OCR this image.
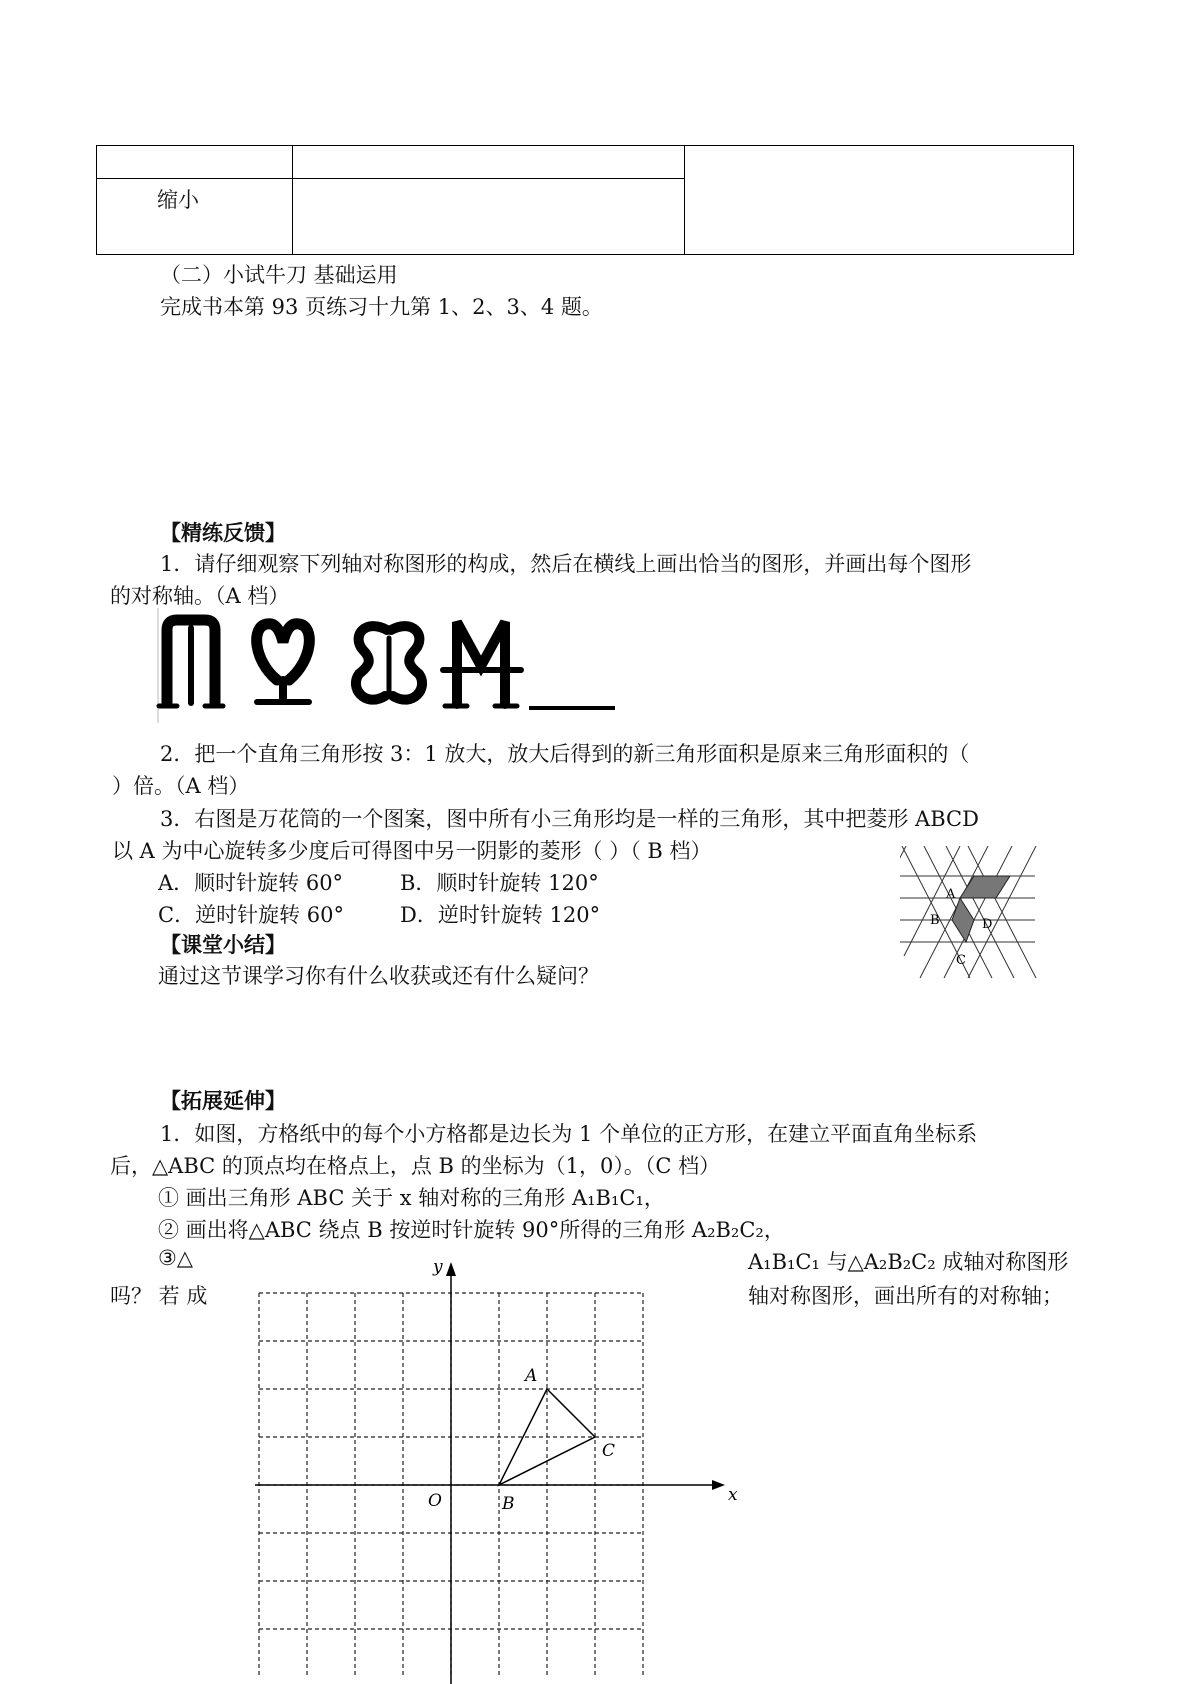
缩小
（二）小试牛刀 基础运用
完成书本第 93 页练习十九第 1、2、3、4 题。
【精练反馈】
1．请仔细观察下列轴对称图形的构成，然后在横线上画出恰当的图形，并画出每个图形
的对称轴。（A 档）
2．把一个直角三角形按 3：1 放大，放大后得到的新三角形面积是原来三角形面积的（
）倍。（A 档）
3．右图是万花筒的一个图案，图中所有小三角形均是一样的三角形，其中把菱形 ABCD
以 A 为中心旋转多少度后可得图中另一阴影的菱形（ ）（ B 档）
A．顺时针旋转 60°	B．顺时针旋转 120°
C．逆时针旋转 60°	D．逆时针旋转 120°
A
B	D
C
【课堂小结】
通过这节课学习你有什么收获或还有什么疑问？
【拓展延伸】
1．如图，方格纸中的每个小方格都是边长为 1 个单位的正方形，在建立平面直角坐标系
后，△ABC 的顶点均在格点上，点 B 的坐标为（1，0）。（C 档）
① 画出三角形 ABC 关于 x 轴对称的三角形 A₁B₁C₁，
② 画出将△ABC 绕点 B 按逆时针旋转 90°所得的三角形 A₂B₂C₂，
③△	A₁B₁C₁ 与△A₂B₂C₂ 成轴对称图形
吗？ 若 成	轴对称图形，画出所有的对称轴；
x
y
O
A
B
C
